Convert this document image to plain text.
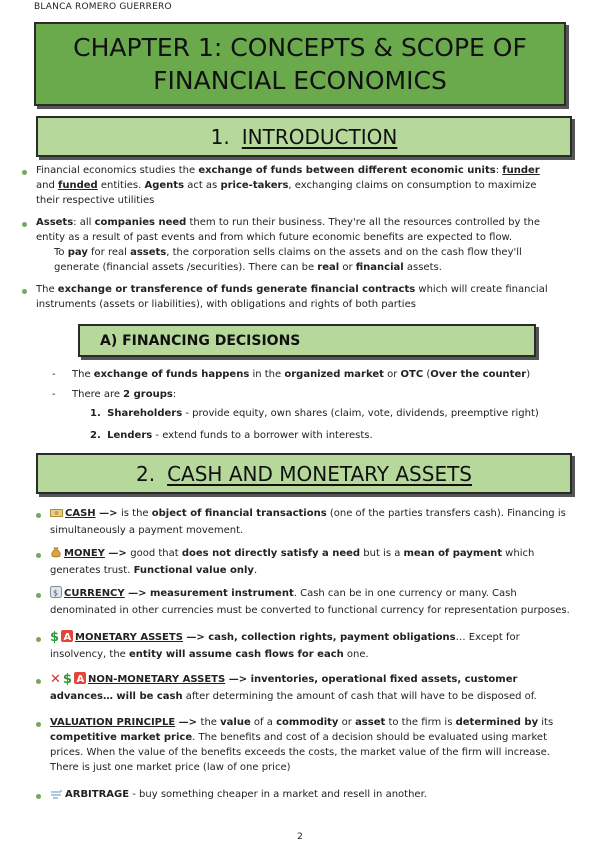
BLANCA ROMERO GUERRERO
CHAPTER 1: CONCEPTS & SCOPE OF FINANCIAL ECONOMICS
1. INTRODUCTION
Financial economics studies the exchange of funds between different economic units: funder and funded entities. Agents act as price-takers, exchanging claims on consumption to maximize their respective utilities
Assets: all companies need them to run their business. They're all the resources controlled by the entity as a result of past events and from which future economic benefits are expected to flow.
To pay for real assets, the corporation sells claims on the assets and on the cash flow they'll generate (financial assets /securities). There can be real or financial assets.
The exchange or transference of funds generate financial contracts which will create financial instruments (assets or liabilities), with obligations and rights of both parties
A) FINANCING DECISIONS
- The exchange of funds happens in the organized market or OTC (Over the counter)
- There are 2 groups:
1. Shareholders - provide equity, own shares (claim, vote, dividends, preemptive right)
2. Lenders - extend funds to a borrower with interests.
2. CASH AND MONETARY ASSETS
CASH —> is the object of financial transactions (one of the parties transfers cash). Financing is simultaneously a payment movement.
MONEY —> good that does not directly satisfy a need but is a mean of payment which generates trust. Functional value only.
$ CURRENCY —> measurement instrument. Cash can be in one currency or many. Cash denominated in other currencies must be converted to functional currency for representation purposes.
$ A MONETARY ASSETS —> cash, collection rights, payment obligations… Except for insolvency, the entity will assume cash flows for each one.
✕ $ A NON-MONETARY ASSETS —> inventories, operational fixed assets, customer advances… will be cash after determining the amount of cash that will have to be disposed of.
VALUATION PRINCIPLE —> the value of a commodity or asset to the firm is determined by its competitive market price. The benefits and cost of a decision should be evaluated using market prices. When the value of the benefits exceeds the costs, the market value of the firm will increase. There is just one market price (law of one price)
ARBITRAGE - buy something cheaper in a market and resell in another.
2
